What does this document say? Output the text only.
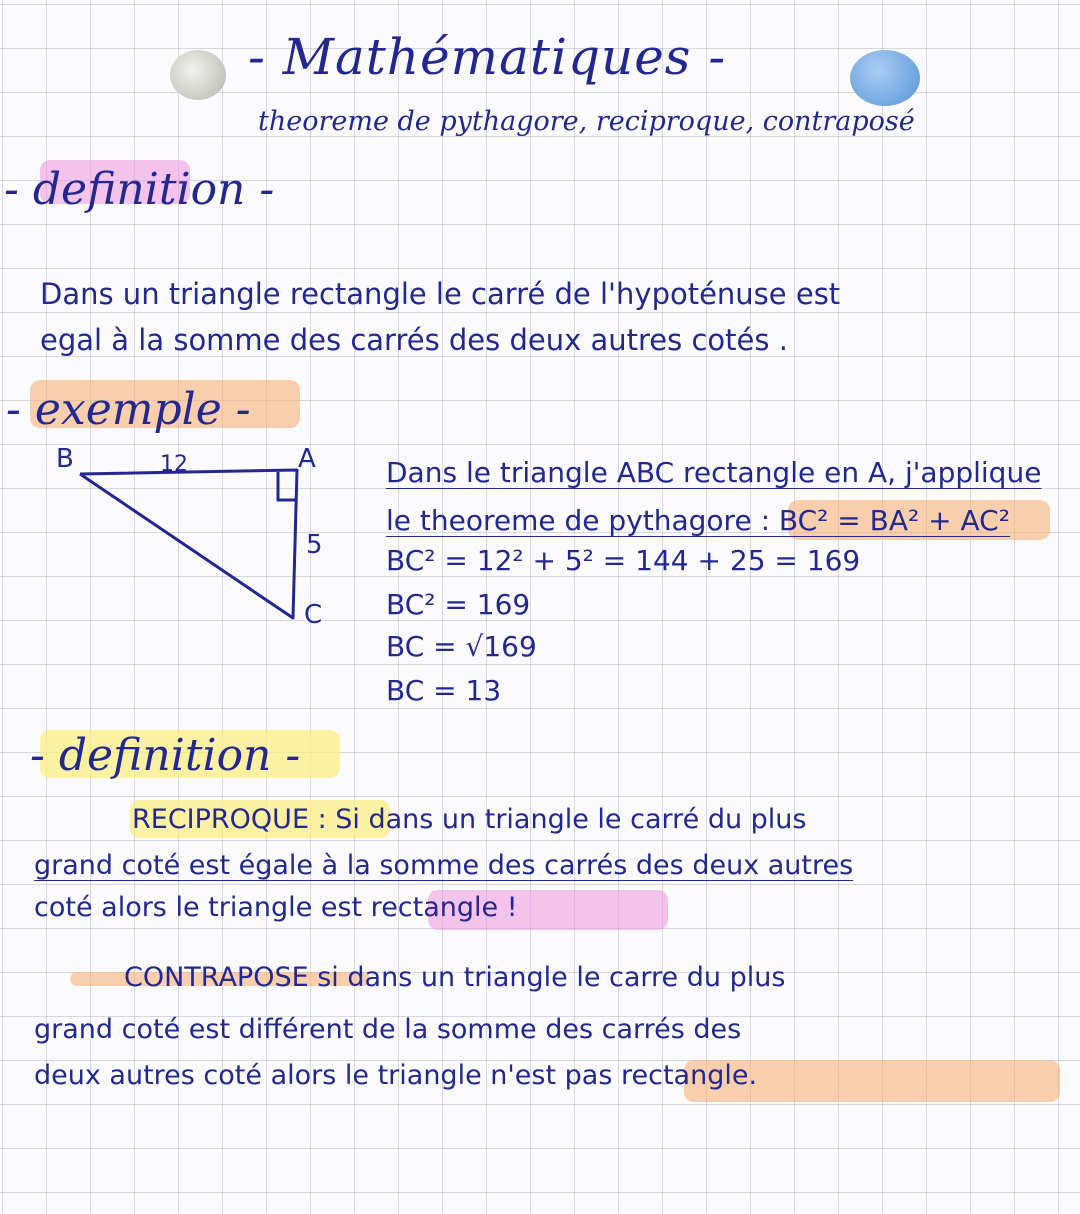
- Mathématiques -
theoreme de pythagore, reciproque, contraposé
- definition -
Dans un triangle rectangle le carré de l'hypoténuse est
egal à la somme des carrés des deux autres cotés .
- exemple -
B	A
C
12
5
Dans le triangle ABC rectangle en A, j'applique
le theoreme de pythagore : BC² = BA² + AC²
BC² = 12² + 5² = 144 + 25 = 169
BC² = 169
BC = √169
BC = 13
- definition -
RECIPROQUE : Si dans un triangle le carré du plus
grand coté est égale à la somme des carrés des deux autres
coté alors le triangle est rectangle !
CONTRAPOSE si dans un triangle le carre du plus
grand coté est différent de la somme des carrés des
deux autres coté alors le triangle n'est pas rectangle.
